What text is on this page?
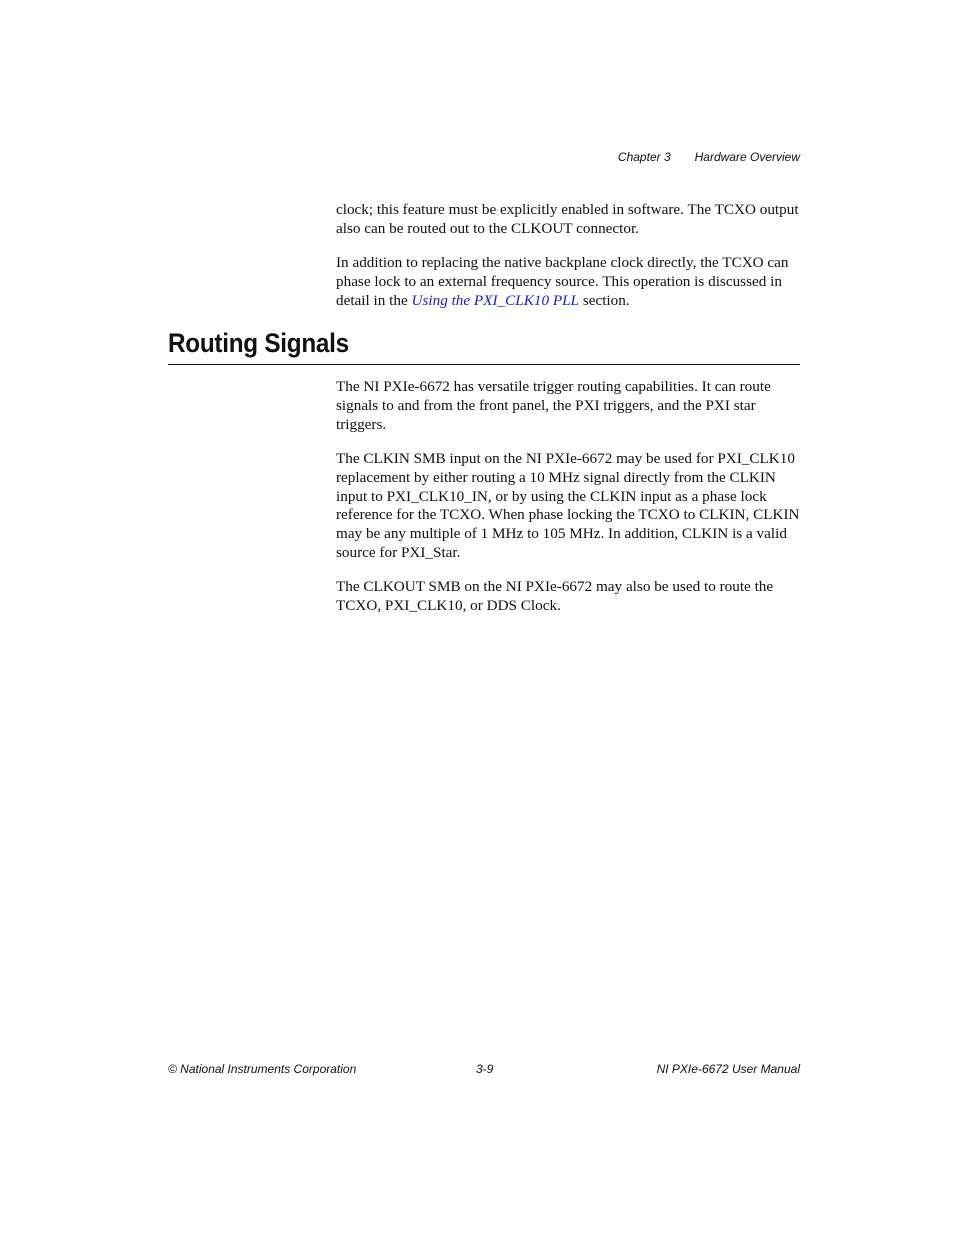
Chapter 3 Hardware Overview

clock; this feature must be explicitly enabled in software. The TCXO output also can be routed out to the CLKOUT connector.

In addition to replacing the native backplane clock directly, the TCXO can phase lock to an external frequency source. This operation is discussed in detail in the Using the PXI_CLK10 PLL section.

Routing Signals

The NI PXIe-6672 has versatile trigger routing capabilities. It can route signals to and from the front panel, the PXI triggers, and the PXI star triggers.

The CLKIN SMB input on the NI PXIe-6672 may be used for PXI_CLK10 replacement by either routing a 10 MHz signal directly from the CLKIN input to PXI_CLK10_IN, or by using the CLKIN input as a phase lock reference for the TCXO. When phase locking the TCXO to CLKIN, CLKIN may be any multiple of 1 MHz to 105 MHz. In addition, CLKIN is a valid source for PXI_Star.

The CLKOUT SMB on the NI PXIe-6672 may also be used to route the TCXO, PXI_CLK10, or DDS Clock.

© National Instruments Corporation	3-9	NI PXIe-6672 User Manual
